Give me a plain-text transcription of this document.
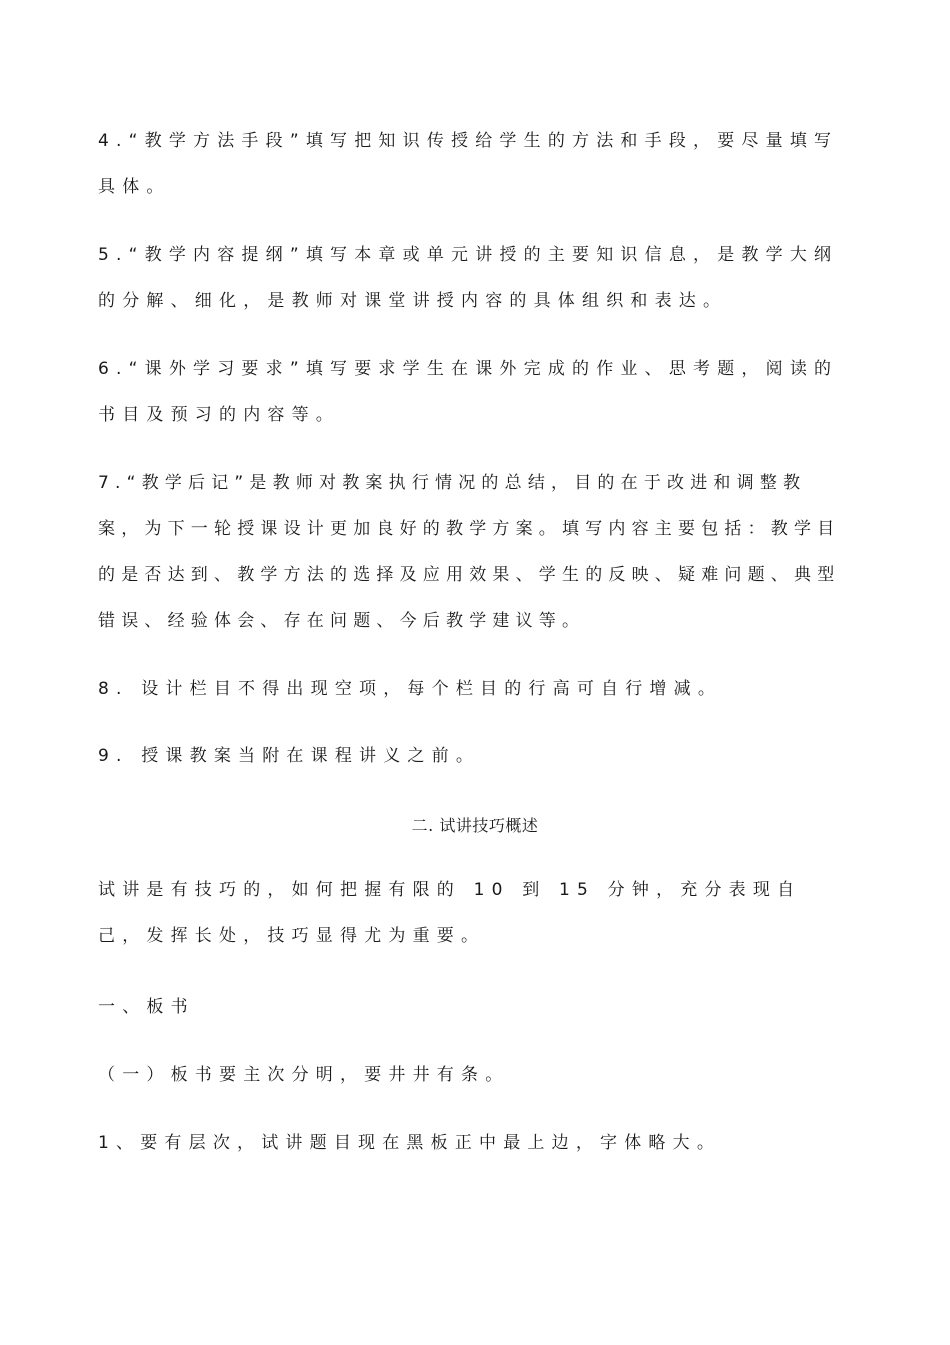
4.“教学方法手段”填写把知识传授给学生的方法和手段，要尽量填写具体。
5.“教学内容提纲”填写本章或单元讲授的主要知识信息，是教学大纲的分解、细化，是教师对课堂讲授内容的具体组织和表达。
6.“课外学习要求”填写要求学生在课外完成的作业、思考题，阅读的书目及预习的内容等。
7.“教学后记”是教师对教案执行情况的总结，目的在于改进和调整教案，为下一轮授课设计更加良好的教学方案。填写内容主要包括：教学目的是否达到、教学方法的选择及应用效果、学生的反映、疑难问题、典型错误、经验体会、存在问题、今后教学建议等。
8. 设计栏目不得出现空项，每个栏目的行高可自行增减。
9. 授课教案当附在课程讲义之前。
二. 试讲技巧概述
试讲是有技巧的，如何把握有限的 10 到 15 分钟，充分表现自己，发挥长处，技巧显得尤为重要。
一、板书
（一）板书要主次分明，要井井有条。
1、要有层次，试讲题目现在黑板正中最上边，字体略大。
